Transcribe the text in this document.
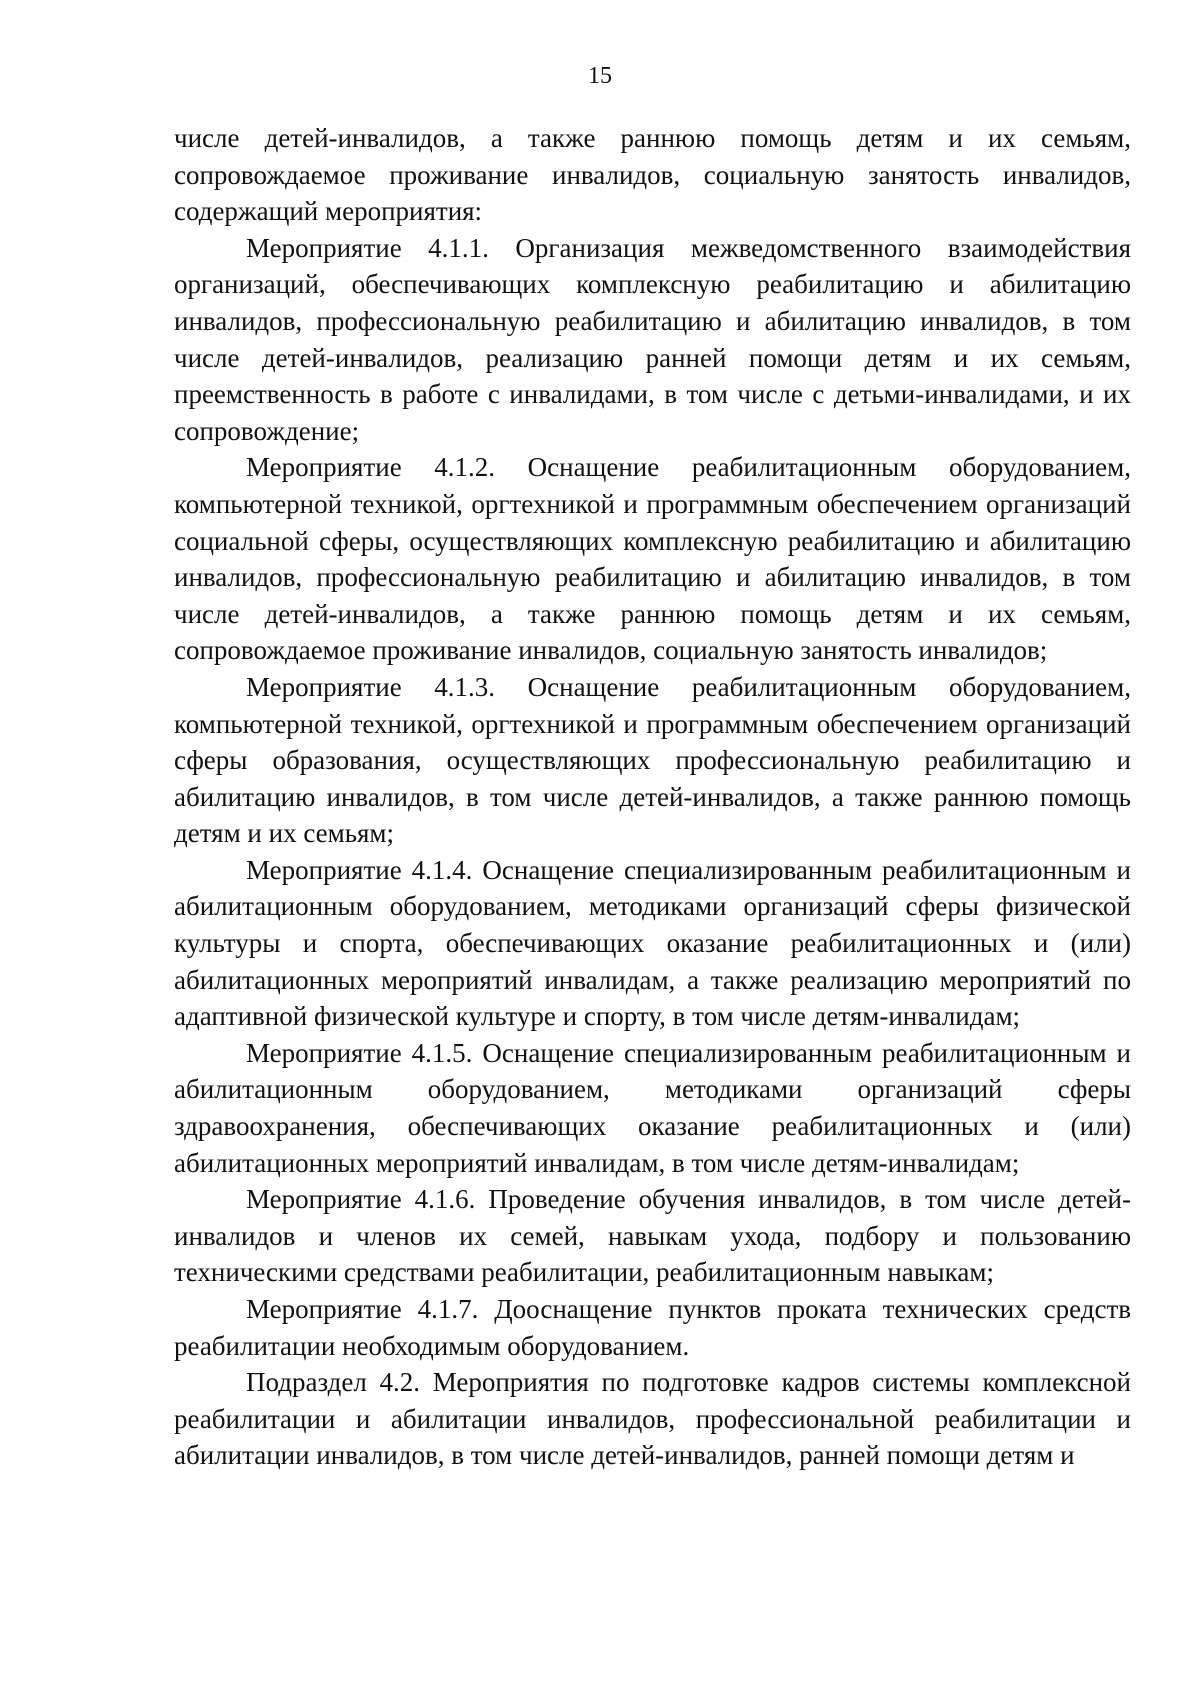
15

числе детей-инвалидов, а также раннюю помощь детям и их семьям, сопровождаемое проживание инвалидов, социальную занятость инвалидов, содержащий мероприятия:

Мероприятие 4.1.1. Организация межведомственного взаимодействия организаций, обеспечивающих комплексную реабилитацию и абилитацию инвалидов, профессиональную реабилитацию и абилитацию инвалидов, в том числе детей-инвалидов, реализацию ранней помощи детям и их семьям, преемственность в работе с инвалидами, в том числе с детьми-инвалидами, и их сопровождение;

Мероприятие 4.1.2. Оснащение реабилитационным оборудованием, компьютерной техникой, оргтехникой и программным обеспечением организаций социальной сферы, осуществляющих комплексную реабилитацию и абилитацию инвалидов, профессиональную реабилитацию и абилитацию инвалидов, в том числе детей-инвалидов, а также раннюю помощь детям и их семьям, сопровождаемое проживание инвалидов, социальную занятость инвалидов;

Мероприятие 4.1.3. Оснащение реабилитационным оборудованием, компьютерной техникой, оргтехникой и программным обеспечением организаций сферы образования, осуществляющих профессиональную реабилитацию и абилитацию инвалидов, в том числе детей-инвалидов, а также раннюю помощь детям и их семьям;

Мероприятие 4.1.4. Оснащение специализированным реабилитационным и абилитационным оборудованием, методиками организаций сферы физической культуры и спорта, обеспечивающих оказание реабилитационных и (или) абилитационных мероприятий инвалидам, а также реализацию мероприятий по адаптивной физической культуре и спорту, в том числе детям-инвалидам;

Мероприятие 4.1.5. Оснащение специализированным реабилитационным и абилитационным оборудованием, методиками организаций сферы здравоохранения, обеспечивающих оказание реабилитационных и (или) абилитационных мероприятий инвалидам, в том числе детям-инвалидам;

Мероприятие 4.1.6. Проведение обучения инвалидов, в том числе детей-инвалидов и членов их семей, навыкам ухода, подбору и пользованию техническими средствами реабилитации, реабилитационным навыкам;

Мероприятие 4.1.7. Дооснащение пунктов проката технических средств реабилитации необходимым оборудованием.

Подраздел 4.2. Мероприятия по подготовке кадров системы комплексной реабилитации и абилитации инвалидов, профессиональной реабилитации и абилитации инвалидов, в том числе детей-инвалидов, ранней помощи детям и
